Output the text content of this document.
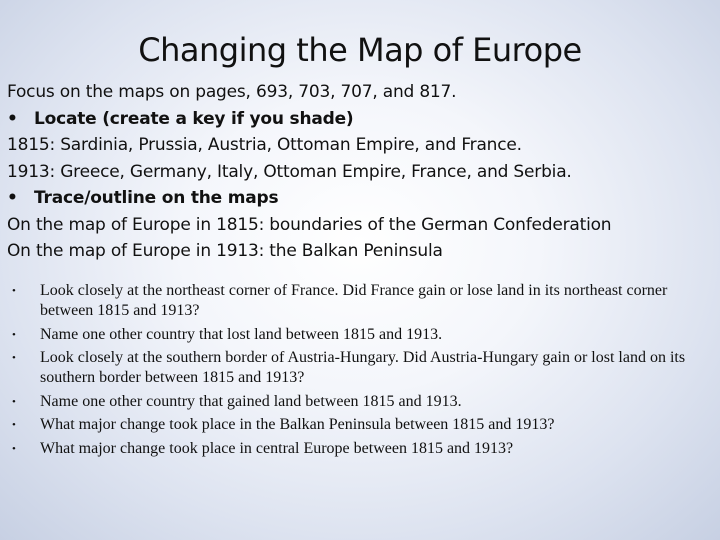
Changing the Map of Europe
Focus on the maps on pages, 693, 703, 707, and 817.
• Locate (create a key if you shade)
1815: Sardinia, Prussia, Austria, Ottoman Empire, and France.
1913: Greece, Germany, Italy, Ottoman Empire, France, and Serbia.
• Trace/outline on the maps
On the map of Europe in 1815: boundaries of the German Confederation
On the map of Europe in 1913: the Balkan Peninsula
• Look closely at the northeast corner of France. Did France gain or lose land in its northeast corner between 1815 and 1913?
• Name one other country that lost land between 1815 and 1913.
• Look closely at the southern border of Austria-Hungary. Did Austria-Hungary gain or lost land on its southern border between 1815 and 1913?
• Name one other country that gained land between 1815 and 1913.
• What major change took place in the Balkan Peninsula between 1815 and 1913?
• What major change took place in central Europe between 1815 and 1913?
